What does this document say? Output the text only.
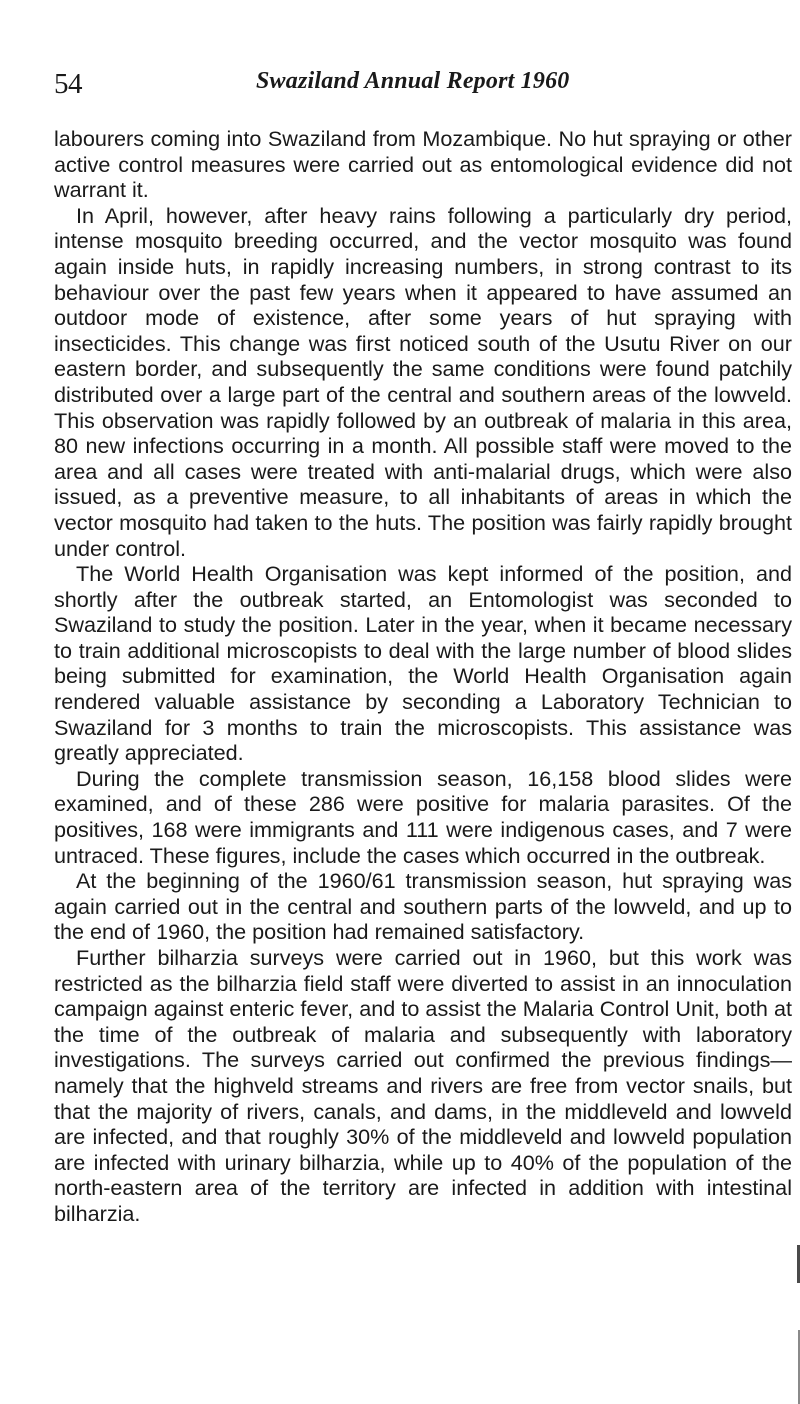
54	Swaziland Annual Report 1960

labourers coming into Swaziland from Mozambique. No hut spraying or other active control measures were carried out as entomological evidence did not warrant it.

In April, however, after heavy rains following a particularly dry period, intense mosquito breeding occurred, and the vector mosquito was found again inside huts, in rapidly increasing numbers, in strong contrast to its behaviour over the past few years when it appeared to have assumed an outdoor mode of existence, after some years of hut spraying with insecticides. This change was first noticed south of the Usutu River on our eastern border, and subsequently the same conditions were found patchily distributed over a large part of the central and southern areas of the lowveld. This observation was rapidly followed by an outbreak of malaria in this area, 80 new infections occurring in a month. All possible staff were moved to the area and all cases were treated with anti-malarial drugs, which were also issued, as a preventive measure, to all inhabitants of areas in which the vector mosquito had taken to the huts. The position was fairly rapidly brought under control.

The World Health Organisation was kept informed of the position, and shortly after the outbreak started, an Entomologist was seconded to Swaziland to study the position. Later in the year, when it became necessary to train additional microscopists to deal with the large number of blood slides being submitted for examination, the World Health Organisation again rendered valuable assistance by seconding a Laboratory Technician to Swaziland for 3 months to train the microscopists. This assistance was greatly appreciated.

During the complete transmission season, 16,158 blood slides were examined, and of these 286 were positive for malaria parasites. Of the positives, 168 were immigrants and 111 were indigenous cases, and 7 were untraced. These figures, include the cases which occurred in the outbreak.

At the beginning of the 1960/61 transmission season, hut spraying was again carried out in the central and southern parts of the lowveld, and up to the end of 1960, the position had remained satisfactory.

Further bilharzia surveys were carried out in 1960, but this work was restricted as the bilharzia field staff were diverted to assist in an innoculation campaign against enteric fever, and to assist the Malaria Control Unit, both at the time of the outbreak of malaria and subsequently with laboratory investigations. The surveys carried out confirmed the previous findings—namely that the highveld streams and rivers are free from vector snails, but that the majority of rivers, canals, and dams, in the middleveld and lowveld are infected, and that roughly 30% of the middleveld and lowveld population are infected with urinary bilharzia, while up to 40% of the population of the north-eastern area of the territory are infected in addition with intestinal bilharzia.
